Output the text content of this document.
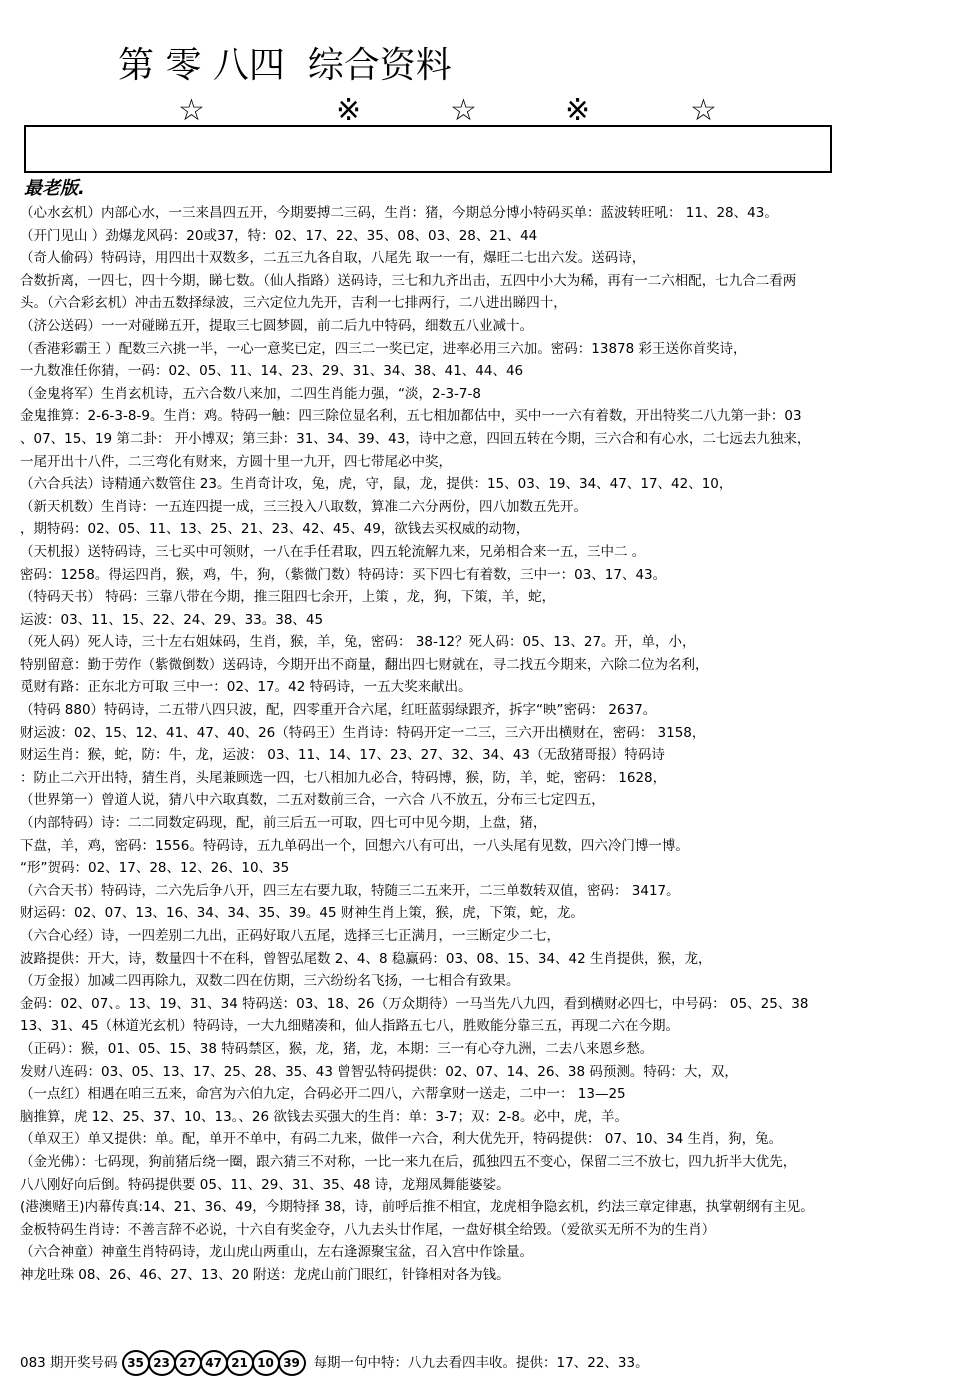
第 零 八四  综合资料
☆	※	☆	※	☆
最老版.
（心水玄机）内部心水，一三来昌四五开，今期要搏二三码，生肖：猪，今期总分博小特码买单：蓝波转旺吼： 11、28、43。
（开门见山 ）劲爆龙风码：20或37，特：02、17、22、35、08、03、28、21、44
（奇人偷码）特码诗，用四出十双数多，二五三九各自取，八尾先 取一一有，爆旺二七出六发。送码诗，
合数折离，一四七，四十今期，睇七数。（仙人指路）送码诗，三七和九齐出击，五四中小大为稀，再有一二六相配，七九合二看两
头。（六合彩玄机）冲击五数择绿波，三六定位九先开，吉利一七排两行，二八进出睇四十，
（济公送码）一一对碰睇五开，提取三七圆梦圆，前二后九中特码，细数五八业减十。
（香港彩霸王 ）配数三六挑一半，一心一意奖已定，四三二一奖已定，进率必用三六加。密码：13878 彩王送你首奖诗，
一九数准任你猜，一码：02、05、11、14、23、29、31、34、38、41、44、46
（金鬼将军）生肖玄机诗，五六合数八来加，二四生肖能力强，“淡，2-3-7-8
金鬼推算：2-6-3-8-9。生肖：鸡。特码一触：四三除位显名利，五七相加都估中，买中一一六有着数，开出特奖二八九第一卦：03
、07、15、19 第二卦： 开小博双；第三卦：31、34、39、43，诗中之意，四回五转在今期，三六合和有心水，二七远去九独来，
一尾开出十八件，二三弯化有财来，方圆十里一九开，四七带尾必中奖，
（六合兵法）诗精通六数管住 23。生肖奇计攻，兔，虎，守，鼠，龙，提供：15、03、19、34、47、17、42、10，
（新天机数）生肖诗：一五连四提一成，三三投入八取数，算准二六分两份，四八加数五先开。
，期特码：02、05、11、13、25、21、23、42、45、49，欲钱去买权威的动物，
（天机报）送特码诗，三七买中可领财，一八在手任君取，四五轮流解九来，兄弟相合来一五，三中二 。
密码：1258。得运四肖，猴，鸡，牛，狗，（紫微门数）特码诗：买下四七有着数，三中一：03、17、43。
（特码天书） 特码：三靠八带在今期，推三阻四七余开，上策 ，龙，狗，下策，羊，蛇，
运波：03、11、15、22、24、29、33。38、45
（死人码）死人诗，三十左右姐妹码，生肖，猴，羊，兔，密码： 38-12？死人码：05、13、27。开，单，小，
特别留意：勤于劳作（紫微倒数）送码诗，今期开出不商量，翻出四七财就在，寻二找五今期来，六除二位为名利，
觅财有路：正东北方可取 三中一：02、17。42 特码诗，一五大奖来献出。
（特码 880）特码诗，二五带八四只波，配，四零重开合六尾，红旺蓝弱绿跟齐，拆字“映”密码： 2637。
财运波：02、15、12、41、47、40、26（特码王）生肖诗：特码开定一二三，三六开出横财在，密码： 3158，
财运生肖：猴，蛇，防：牛，龙，运波： 03、11、14、17、23、27、32、34、43（无敌猪哥报）特码诗
：防止二六开出特，猜生肖，头尾兼顾选一四，七八相加九必合，特码博，猴，防，羊，蛇，密码： 1628，
（世界第一）曾道人说，猜八中六取真数，二五对数前三合，一六合 八不放五，分布三七定四五，
（内部特码）诗：二二同数定码现，配，前三后五一可取，四七可中见今期，上盘，猪，
下盘，羊，鸡，密码：1556。特码诗，五九单码出一个，回想六八有可出，一八头尾有见数，四六冷门博一博。
“形”贺码：02、17、28、12、26、10、35
（六合天书）特码诗，二六先后争八开，四三左右要九取，特随三二五来开，二三单数转双值，密码： 3417。
财运码：02、07、13、16、34、34、35、39。45 财神生肖上策，猴，虎，下策，蛇，龙。
（六合心经）诗，一四差别二九出，正码好取八五尾，选择三七正满月，一三断定少二七，
波路提供：开大，诗，数量四十不在科，曾智弘尾数 2、4、8 稳赢码：03、08、15、34、42 生肖提供，猴，龙，
（万金报）加减二四再除九，双数二四在仿期，三六纷纷名飞扬，一七相合有致果。
金码：02、07、。13、19、31、34 特码送：03、18、26（万众期待）一马当先八九四，看到横财必四七，中号码： 05、25、38
13、31、45（林道光玄机）特码诗，一大九细赌凑和，仙人指路五七八，胜败能分靠三五，再现二六在今期。
（正码）：猴，01、05、15、38 特码禁区，猴，龙，猪，龙，本期：三一有心夺九洲，二去八来恩乡愁。
发财八连码：03、05、13、17、25、28、35、43 曾智弘特码提供：02、07、14、26、38 码预测。特码：大，双，
（一点红）相遇在咱三五来，命宫为六伯九定，合码必开二四八，六帮拿财一送走，二中一： 13—25
脑推算，虎 12、25、37、10、13。、26 欲钱去买强大的生肖：单：3-7；双：2-8。必中，虎，羊。
（单双王）单又提供：单。配，单开不单中，有码二九来，做伴一六合，利大优先开，特码提供： 07、10、34 生肖，狗，兔。
（金光佛）：七码现，狗前猪后绕一圈，跟六猜三不对称，一比一来九在后，孤独四五不变心，保留二三不放七，四九折半大优先，
八八刚好向后倒。特码提供要 05、11、29、31、35、48 诗，龙翔凤舞能婆娑。
(港澳赌王)内幕传真:14、21、36、49，今期特择 38，诗，前呼后推不相宜，龙虎相争隐玄机，约法三章定律惠，执掌朝纲有主见。
金板特码生肖诗：不善言辞不必说，十六自有奖金夺，八九去头廿作尾，一盘好棋全给毁。（爱欲买无所不为的生肖）
（六合神童）神童生肖特码诗，龙山虎山两重山，左右逢源聚宝盆，召入宫中作馀量。
神龙吐珠 08、26、46、27、13、20 附送：龙虎山前门眼红，针锋相对各为钱。
083 期开奖号码 35 23 27 47 21 10 39	每期一句中特：八九去看四丰收。提供：17、22、33。
